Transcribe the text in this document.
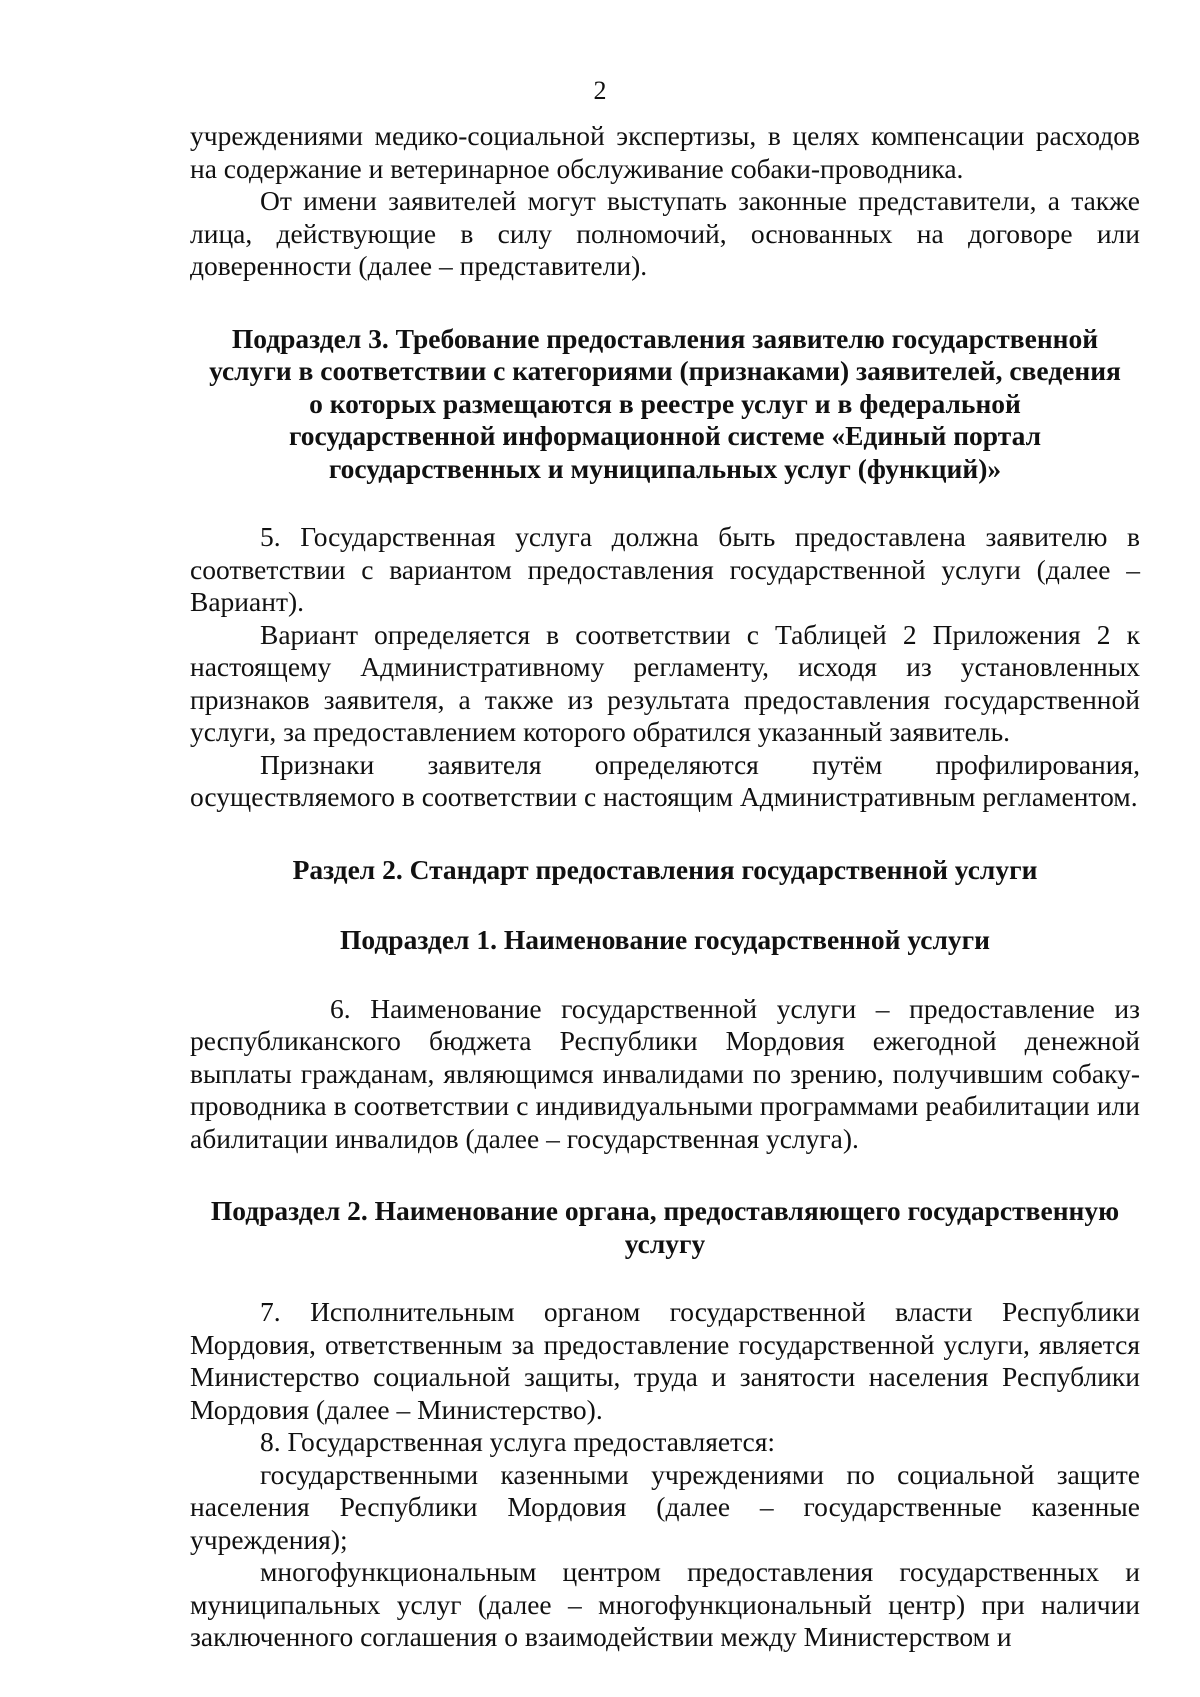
2

учреждениями медико-социальной экспертизы, в целях компенсации расходов на содержание и ветеринарное обслуживание собаки-проводника.

От имени заявителей могут выступать законные представители, а также лица, действующие в силу полномочий, основанных на договоре или доверенности (далее – представители).

Подраздел 3. Требование предоставления заявителю государственной
услуги в соответствии с категориями (признаками) заявителей, сведения
о которых размещаются в реестре услуг и в федеральной
государственной информационной системе «Единый портал
государственных и муниципальных услуг (функций)»

5. Государственная услуга должна быть предоставлена заявителю в соответствии с вариантом предоставления государственной услуги (далее – Вариант).

Вариант определяется в соответствии с Таблицей 2 Приложения 2 к настоящему Административному регламенту, исходя из установленных признаков заявителя, а также из результата предоставления государственной услуги, за предоставлением которого обратился указанный заявитель.

Признаки заявителя определяются путём профилирования, осуществляемого в соответствии с настоящим Административным регламентом.

Раздел 2. Стандарт предоставления государственной услуги
Подраздел 1. Наименование государственной услуги

6. Наименование государственной услуги – предоставление из республиканского бюджета Республики Мордовия ежегодной денежной выплаты гражданам, являющимся инвалидами по зрению, получившим собаку-проводника в соответствии с индивидуальными программами реабилитации или абилитации инвалидов (далее – государственная услуга).

Подраздел 2. Наименование органа, предоставляющего государственную
услугу

7. Исполнительным органом государственной власти Республики Мордовия, ответственным за предоставление государственной услуги, является Министерство социальной защиты, труда и занятости населения Республики Мордовия (далее – Министерство).

8. Государственная услуга предоставляется:

государственными казенными учреждениями по социальной защите населения Республики Мордовия (далее – государственные казенные учреждения);

многофункциональным центром предоставления государственных и муниципальных услуг (далее – многофункциональный центр) при наличии заключенного соглашения о взаимодействии между Министерством и
